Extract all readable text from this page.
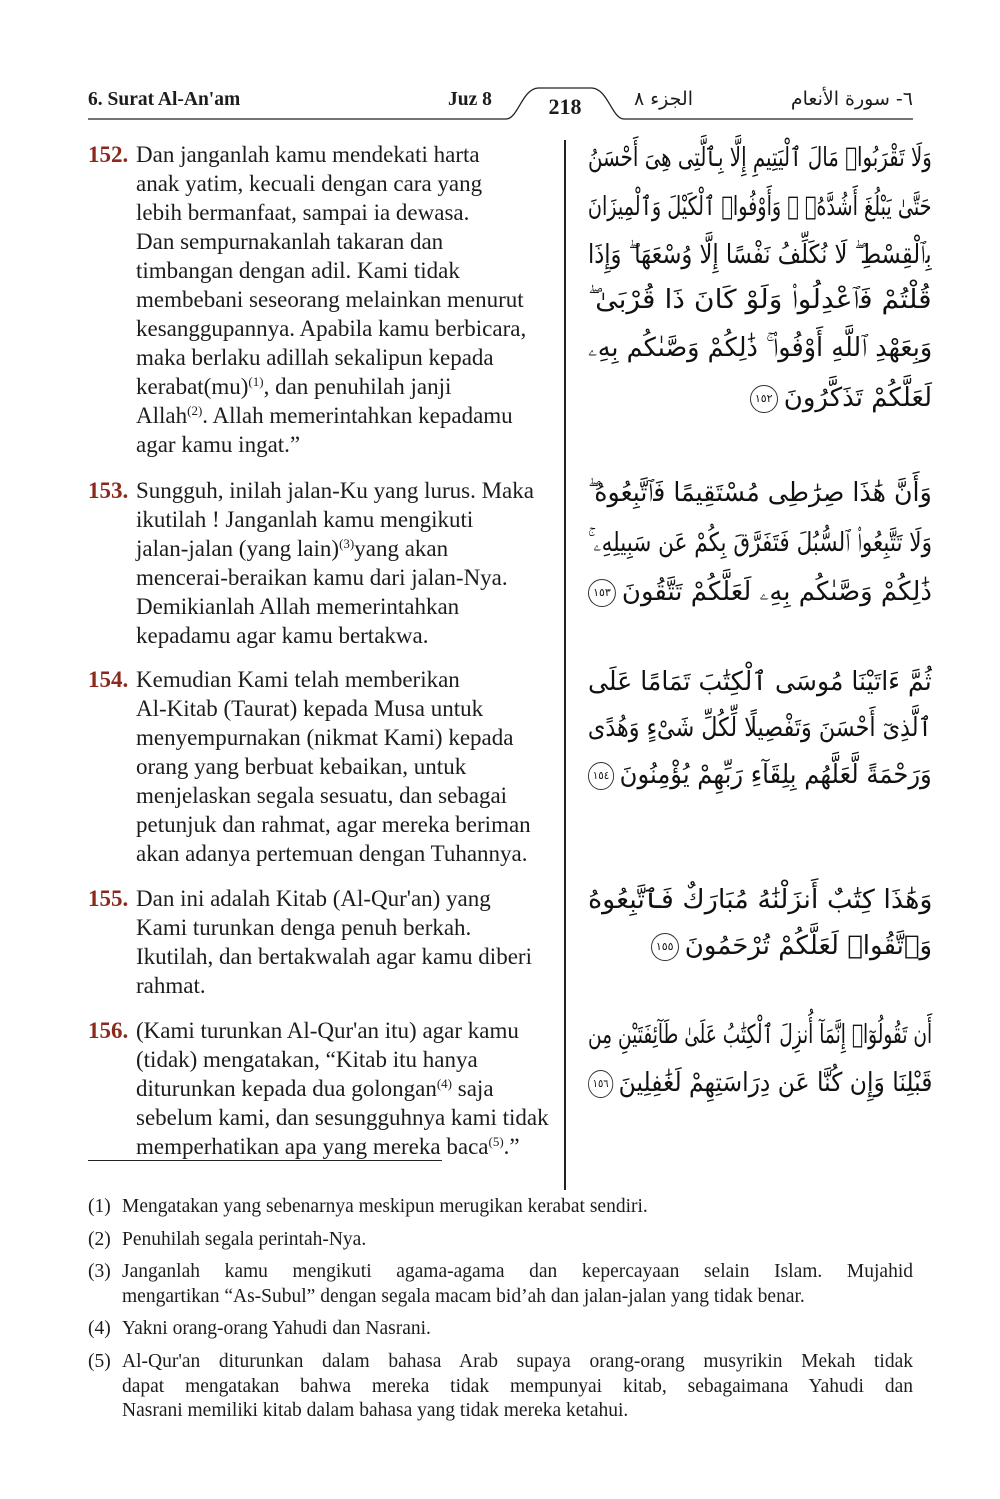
6. Surat Al-An'am	Juz 8	218	الجزء ٨	٦- سورة الأنعام
152. Dan janganlah kamu mendekati harta
anak yatim, kecuali dengan cara yang
lebih bermanfaat, sampai ia dewasa.
Dan sempurnakanlah takaran dan
timbangan dengan adil. Kami tidak
membebani seseorang melainkan menurut
kesanggupannya. Apabila kamu berbicara,
maka berlaku adillah sekalipun kepada
kerabat(mu)$^{(1)}$, dan penuhilah janji
Allah$^{(2)}$. Allah memerintahkan kepadamu
agar kamu ingat.”
وَلَا تَقْرَبُوا۟ مَالَ ٱلْيَتِيمِ إِلَّا بِٱلَّتِى هِىَ أَحْسَنُ
حَتَّىٰ يَبْلُغَ أَشُدَّهُۥ ۖ وَأَوْفُوا۟ ٱلْكَيْلَ وَٱلْمِيزَانَ
بِٱلْقِسْطِ ۖ لَا نُكَلِّفُ نَفْسًا إِلَّا وُسْعَهَا ۖ وَإِذَا
قُلْتُمْ فَٱعْدِلُوا۟ وَلَوْ كَانَ ذَا قُرْبَىٰ ۖ
وَبِعَهْدِ ٱللَّهِ أَوْفُوا۟ ۚ ذَٰلِكُمْ وَصَّىٰكُم بِهِۦ
لَعَلَّكُمْ تَذَكَّرُونَ١٥٢
153. Sungguh, inilah jalan-Ku yang lurus. Maka
ikutilah ! Janganlah kamu mengikuti
jalan-jalan (yang lain)$^{(3)}$yang akan
mencerai-beraikan kamu dari jalan-Nya.
Demikianlah Allah memerintahkan
kepadamu agar kamu bertakwa.
وَأَنَّ هَٰذَا صِرَٰطِى مُسْتَقِيمًا فَٱتَّبِعُوهُ ۖ
وَلَا تَتَّبِعُوا۟ ٱلسُّبُلَ فَتَفَرَّقَ بِكُمْ عَن سَبِيلِهِۦ ۚ
ذَٰلِكُمْ وَصَّىٰكُم بِهِۦ لَعَلَّكُمْ تَتَّقُونَ١٥٣
154. Kemudian Kami telah memberikan
Al-Kitab (Taurat) kepada Musa untuk
menyempurnakan (nikmat Kami) kepada
orang yang berbuat kebaikan, untuk
menjelaskan segala sesuatu, dan sebagai
petunjuk dan rahmat, agar mereka beriman
akan adanya pertemuan dengan Tuhannya.
ثُمَّ ءَاتَيْنَا مُوسَى ٱلْكِتَٰبَ تَمَامًا عَلَى
ٱلَّذِىٓ أَحْسَنَ وَتَفْصِيلًا لِّكُلِّ شَىْءٍ وَهُدًى
وَرَحْمَةً لَّعَلَّهُم بِلِقَآءِ رَبِّهِمْ يُؤْمِنُونَ١٥٤
155. Dan ini adalah Kitab (Al-Qur'an) yang
Kami turunkan denga penuh berkah.
Ikutilah, dan bertakwalah agar kamu diberi
rahmat.
وَهَٰذَا كِتَٰبٌ أَنزَلْنَٰهُ مُبَارَكٌ فَٱتَّبِعُوهُ
وَٱتَّقُوا۟ لَعَلَّكُمْ تُرْحَمُونَ١٥٥
156. (Kami turunkan Al-Qur'an itu) agar kamu
(tidak) mengatakan, “Kitab itu hanya
diturunkan kepada dua golongan$^{(4)}$ saja
sebelum kami, dan sesungguhnya kami tidak
memperhatikan apa yang mereka baca$^{(5)}$.”
أَن تَقُولُوٓا۟ إِنَّمَآ أُنزِلَ ٱلْكِتَٰبُ عَلَىٰ طَآئِفَتَيْنِ مِن
قَبْلِنَا وَإِن كُنَّا عَن دِرَاسَتِهِمْ لَغَٰفِلِينَ١٥٦
(1) Mengatakan yang sebenarnya meskipun merugikan kerabat sendiri.
(2) Penuhilah segala perintah-Nya.
(3) Janganlah kamu mengikuti agama-agama dan kepercayaan selain Islam. Mujahid
mengartikan “As-Subul” dengan segala macam bid’ah dan jalan-jalan yang tidak benar.
(4) Yakni orang-orang Yahudi dan Nasrani.
(5) Al-Qur'an diturunkan dalam bahasa Arab supaya orang-orang musyrikin Mekah tidak
dapat mengatakan bahwa mereka tidak mempunyai kitab, sebagaimana Yahudi dan
Nasrani memiliki kitab dalam bahasa yang tidak mereka ketahui.
